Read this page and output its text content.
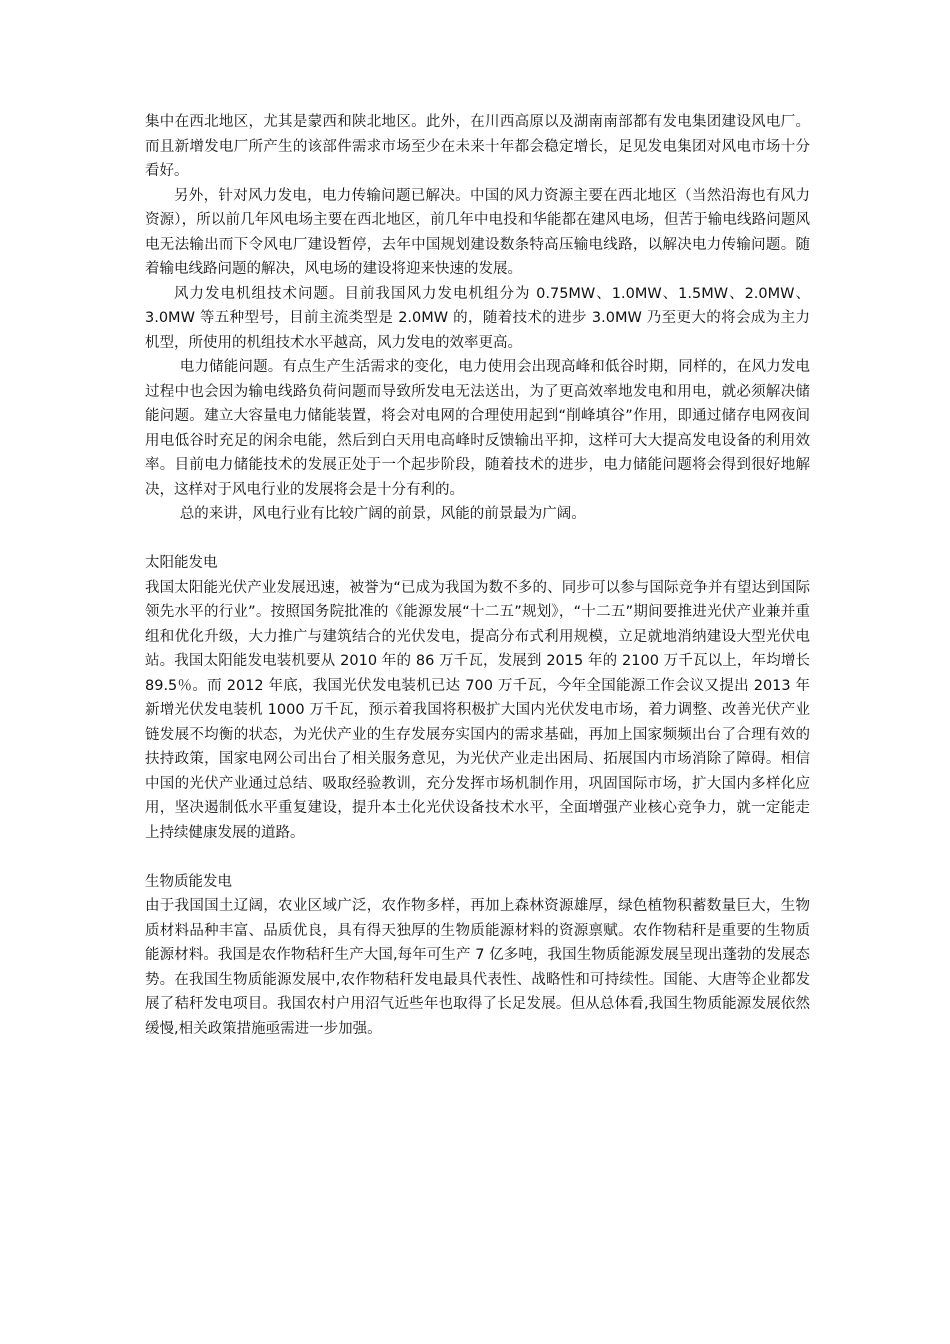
集中在西北地区，尤其是蒙西和陕北地区。此外，在川西高原以及湖南南部都有发电集团建设风电厂。而且新增发电厂所产生的该部件需求市场至少在未来十年都会稳定增长，足见发电集团对风电市场十分看好。

另外，针对风力发电，电力传输问题已解决。中国的风力资源主要在西北地区（当然沿海也有风力资源），所以前几年风电场主要在西北地区，前几年中电投和华能都在建风电场，但苦于输电线路问题风电无法输出而下令风电厂建设暂停，去年中国规划建设数条特高压输电线路，以解决电力传输问题。随着输电线路问题的解决，风电场的建设将迎来快速的发展。

风力发电机组技术问题。目前我国风力发电机组分为 0.75MW、1.0MW、1.5MW、2.0MW、3.0MW 等五种型号，目前主流类型是 2.0MW 的，随着技术的进步 3.0MW 乃至更大的将会成为主力机型，所使用的机组技术水平越高，风力发电的效率更高。

电力储能问题。有点生产生活需求的变化，电力使用会出现高峰和低谷时期，同样的，在风力发电过程中也会因为输电线路负荷问题而导致所发电无法送出，为了更高效率地发电和用电，就必须解决储能问题。建立大容量电力储能装置，将会对电网的合理使用起到“削峰填谷”作用，即通过储存电网夜间用电低谷时充足的闲余电能，然后到白天用电高峰时反馈输出平抑，这样可大大提高发电设备的利用效率。目前电力储能技术的发展正处于一个起步阶段，随着技术的进步，电力储能问题将会得到很好地解决，这样对于风电行业的发展将会是十分有利的。

总的来讲，风电行业有比较广阔的前景，风能的前景最为广阔。

太阳能发电

我国太阳能光伏产业发展迅速，被誉为“已成为我国为数不多的、同步可以参与国际竞争并有望达到国际领先水平的行业”。按照国务院批准的《能源发展“十二五”规划》，“十二五”期间要推进光伏产业兼并重组和优化升级，大力推广与建筑结合的光伏发电，提高分布式利用规模，立足就地消纳建设大型光伏电站。我国太阳能发电装机要从 2010 年的 86 万千瓦，发展到 2015 年的 2100 万千瓦以上，年均增长 89.5％。而 2012 年底，我国光伏发电装机已达 700 万千瓦，今年全国能源工作会议又提出 2013 年新增光伏发电装机 1000 万千瓦，预示着我国将积极扩大国内光伏发电市场，着力调整、改善光伏产业链发展不均衡的状态，为光伏产业的生存发展夯实国内的需求基础，再加上国家频频出台了合理有效的扶持政策，国家电网公司出台了相关服务意见，为光伏产业走出困局、拓展国内市场消除了障碍。相信中国的光伏产业通过总结、吸取经验教训，充分发挥市场机制作用，巩固国际市场，扩大国内多样化应用，坚决遏制低水平重复建设，提升本土化光伏设备技术水平，全面增强产业核心竞争力，就一定能走上持续健康发展的道路。

生物质能发电

由于我国国土辽阔，农业区域广泛，农作物多样，再加上森林资源雄厚，绿色植物积蓄数量巨大，生物质材料品种丰富、品质优良，具有得天独厚的生物质能源材料的资源禀赋。农作物秸秆是重要的生物质能源材料。我国是农作物秸秆生产大国,每年可生产 7 亿多吨，我国生物质能源发展呈现出蓬勃的发展态势。在我国生物质能源发展中,农作物秸秆发电最具代表性、战略性和可持续性。国能、大唐等企业都发展了秸秆发电项目。我国农村户用沼气近些年也取得了长足发展。但从总体看,我国生物质能源发展依然缓慢,相关政策措施亟需进一步加强。
